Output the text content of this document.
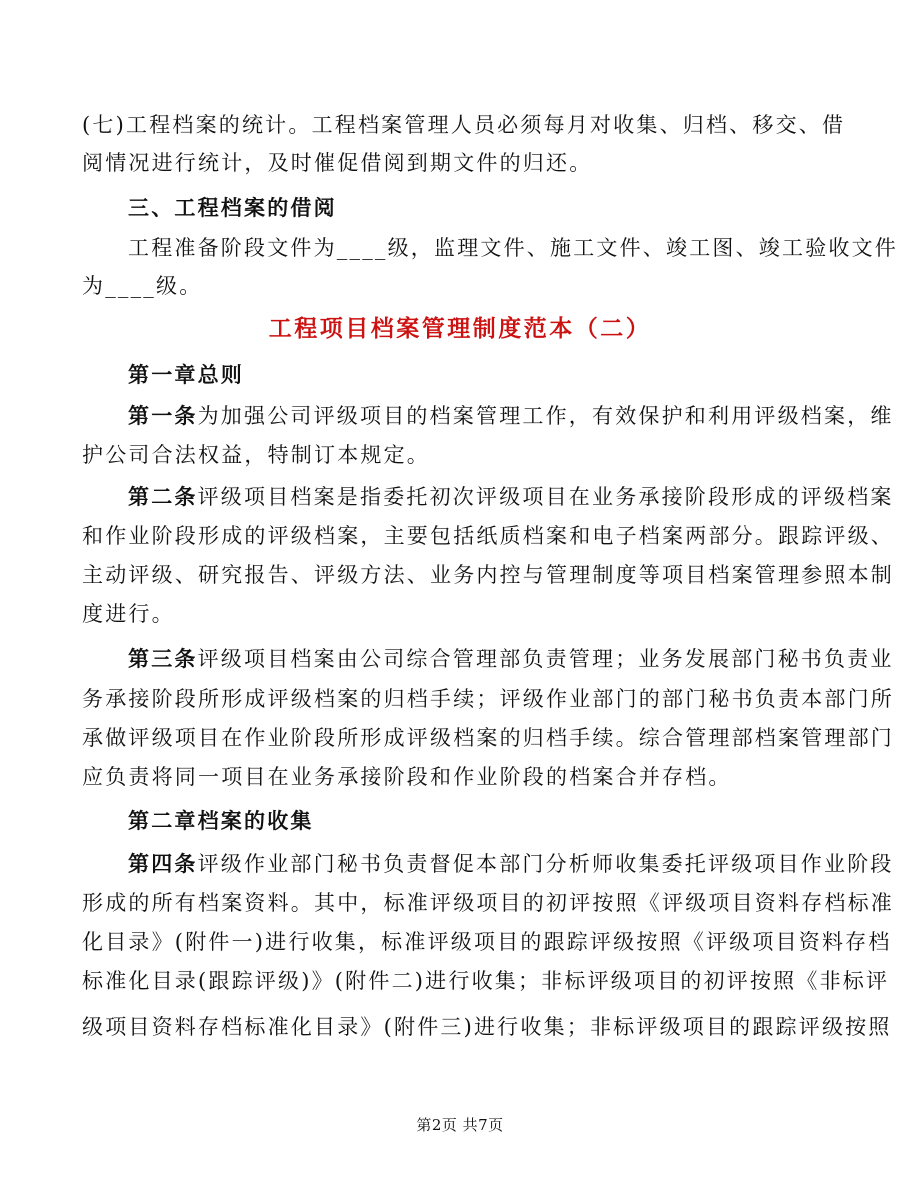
(七)工程档案的统计。工程档案管理人员必须每月对收集、归档、移交、借
阅情况进行统计，及时催促借阅到期文件的归还。
三、工程档案的借阅
工程准备阶段文件为____级，监理文件、施工文件、竣工图、竣工验收文件
为____级。
工程项目档案管理制度范本（二）
第一章总则
第一条为加强公司评级项目的档案管理工作，有效保护和利用评级档案，维
护公司合法权益，特制订本规定。
第二条评级项目档案是指委托初次评级项目在业务承接阶段形成的评级档案
和作业阶段形成的评级档案，主要包括纸质档案和电子档案两部分。跟踪评级、
主动评级、研究报告、评级方法、业务内控与管理制度等项目档案管理参照本制
度进行。
第三条评级项目档案由公司综合管理部负责管理；业务发展部门秘书负责业
务承接阶段所形成评级档案的归档手续；评级作业部门的部门秘书负责本部门所
承做评级项目在作业阶段所形成评级档案的归档手续。综合管理部档案管理部门
应负责将同一项目在业务承接阶段和作业阶段的档案合并存档。
第二章档案的收集
第四条评级作业部门秘书负责督促本部门分析师收集委托评级项目作业阶段
形成的所有档案资料。其中，标准评级项目的初评按照《评级项目资料存档标准
化目录》(附件一)进行收集，标准评级项目的跟踪评级按照《评级项目资料存档
标准化目录(跟踪评级)》(附件二)进行收集；非标评级项目的初评按照《非标评
级项目资料存档标准化目录》(附件三)进行收集；非标评级项目的跟踪评级按照
第2页 共7页
